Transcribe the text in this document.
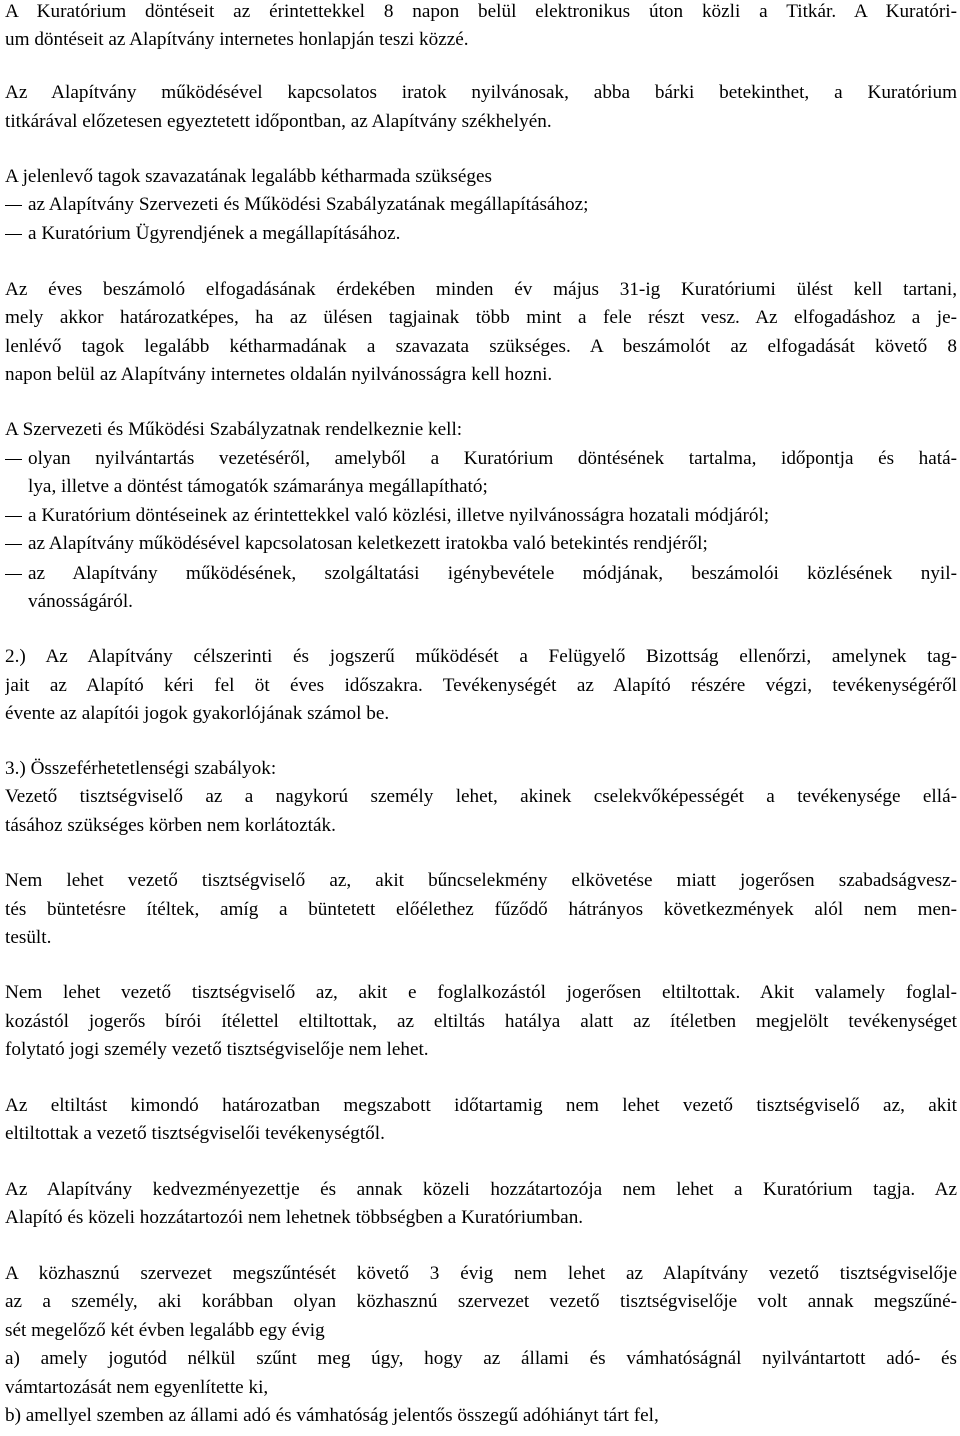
A Kuratórium döntéseit az érintettekkel 8 napon belül elektronikus úton közli a Titkár. A Kuratóri-
um döntéseit az Alapítvány internetes honlapján teszi közzé.
Az Alapítvány működésével kapcsolatos iratok nyilvánosak, abba bárki betekinthet, a Kuratórium
titkárával előzetesen egyeztetett időpontban, az Alapítvány székhelyén.
A jelenlevő tagok szavazatának legalább kétharmada szükséges
az Alapítvány Szervezeti és Működési Szabályzatának megállapításához;
a Kuratórium Ügyrendjének a megállapításához.
Az éves beszámoló elfogadásának érdekében minden év május 31-ig Kuratóriumi ülést kell tartani,
mely akkor határozatképes, ha az ülésen tagjainak több mint a fele részt vesz. Az elfogadáshoz a je-
lenlévő tagok legalább kétharmadának a szavazata szükséges. A beszámolót az elfogadását követő 8
napon belül az Alapítvány internetes oldalán nyilvánosságra kell hozni.
A Szervezeti és Működési Szabályzatnak rendelkeznie kell:
olyan nyilvántartás vezetéséről, amelyből a Kuratórium döntésének tartalma, időpontja és hatá-
lya, illetve a döntést támogatók számaránya megállapítható;
a Kuratórium döntéseinek az érintettekkel való közlési, illetve nyilvánosságra hozatali módjáról;
az Alapítvány működésével kapcsolatosan keletkezett iratokba való betekintés rendjéről;
az Alapítvány működésének, szolgáltatási igénybevétele módjának, beszámolói közlésének nyil-
vánosságáról.
2.) Az Alapítvány célszerinti és jogszerű működését a Felügyelő Bizottság ellenőrzi, amelynek tag-
jait az Alapító kéri fel öt éves időszakra. Tevékenységét az Alapító részére végzi, tevékenységéről
évente az alapítói jogok gyakorlójának számol be.
3.) Összeférhetetlenségi szabályok:
Vezető tisztségviselő az a nagykorú személy lehet, akinek cselekvőképességét a tevékenysége ellá-
tásához szükséges körben nem korlátozták.
Nem lehet vezető tisztségviselő az, akit bűncselekmény elkövetése miatt jogerősen szabadságvesz-
tés büntetésre ítéltek, amíg a büntetett előélethez fűződő hátrányos következmények alól nem men-
tesült.
Nem lehet vezető tisztségviselő az, akit e foglalkozástól jogerősen eltiltottak. Akit valamely foglal-
kozástól jogerős bírói ítélettel eltiltottak, az eltiltás hatálya alatt az ítéletben megjelölt tevékenységet
folytató jogi személy vezető tisztségviselője nem lehet.
Az eltiltást kimondó határozatban megszabott időtartamig nem lehet vezető tisztségviselő az, akit
eltiltottak a vezető tisztségviselői tevékenységtől.
Az Alapítvány kedvezményezettje és annak közeli hozzátartozója nem lehet a Kuratórium tagja. Az
Alapító és közeli hozzátartozói nem lehetnek többségben a Kuratóriumban.
A közhasznú szervezet megszűntését követő 3 évig nem lehet az Alapítvány vezető tisztségviselője
az a személy, aki korábban olyan közhasznú szervezet vezető tisztségviselője volt annak megszűné-
sét megelőző két évben legalább egy évig
a) amely jogutód nélkül szűnt meg úgy, hogy az állami és vámhatóságnál nyilvántartott adó- és
vámtartozását nem egyenlítette ki,
b) amellyel szemben az állami adó és vámhatóság jelentős összegű adóhiányt tárt fel,
